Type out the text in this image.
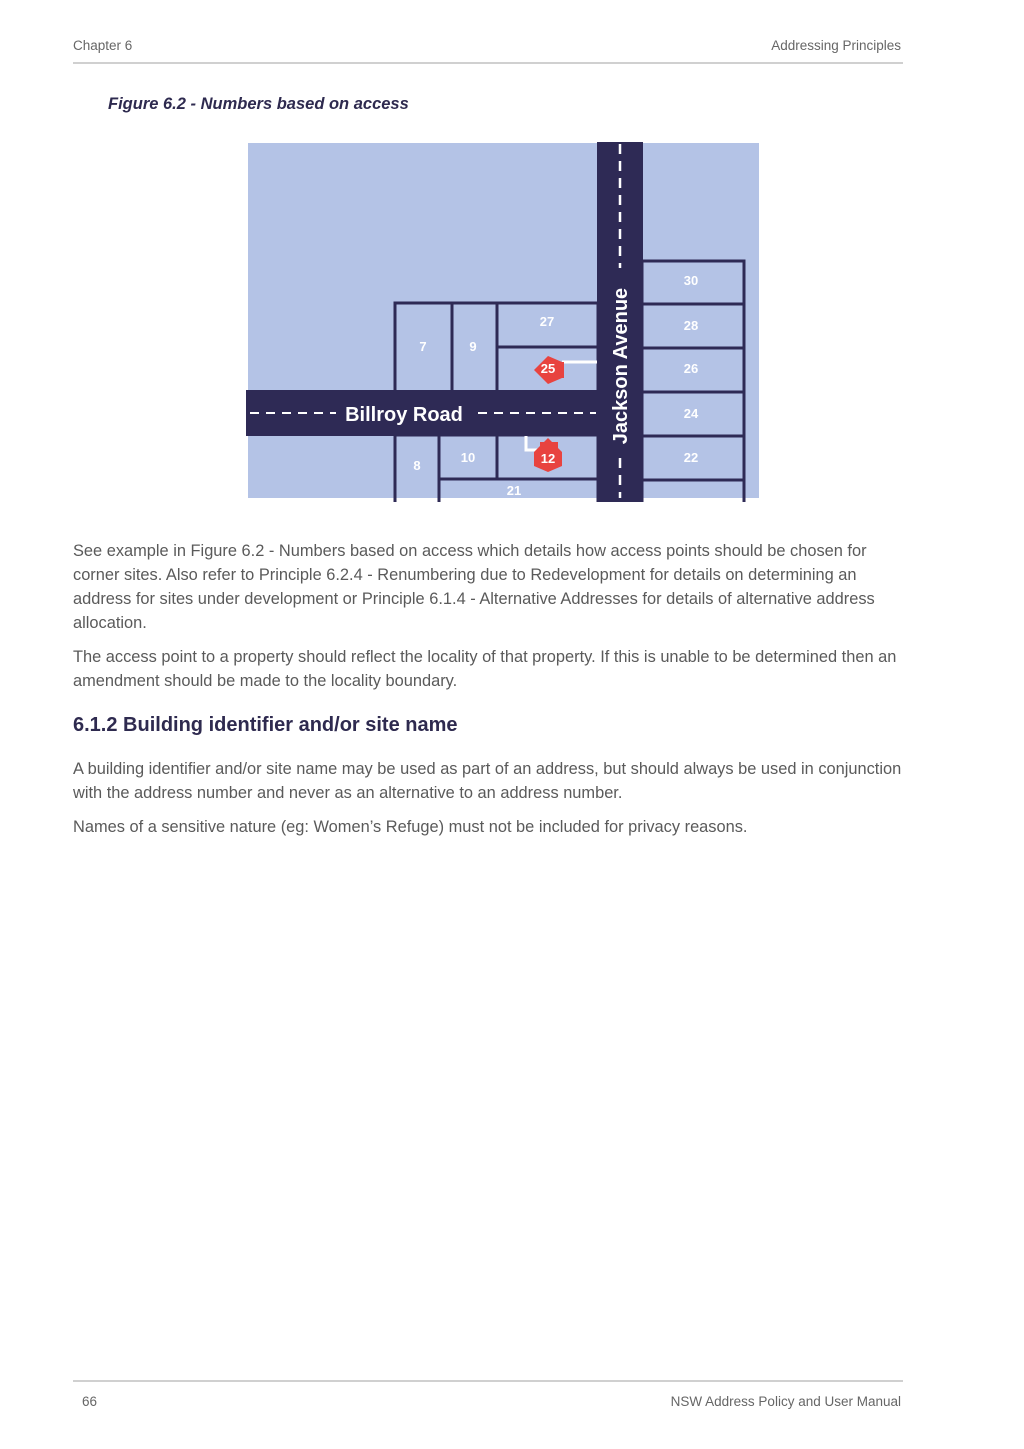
Chapter 6	Addressing Principles
Figure 6.2 - Numbers based on access
Billroy Road	Jackson Avenue
7	9
27
25
8
10	12
21
30
28
26
24
22

See example in Figure 6.2 - Numbers based on access which details how access points should be chosen for corner sites. Also refer to Principle 6.2.4 - Renumbering due to Redevelopment for details on determining an address for sites under development or Principle 6.1.4 - Alternative Addresses for details of alternative address allocation.

The access point to a property should reflect the locality of that property. If this is unable to be determined then an amendment should be made to the locality boundary.

6.1.2 Building identifier and/or site name

A building identifier and/or site name may be used as part of an address, but should always be used in conjunction with the address number and never as an alternative to an address number.

Names of a sensitive nature (eg: Women’s Refuge) must not be included for privacy reasons.

66	NSW Address Policy and User Manual
